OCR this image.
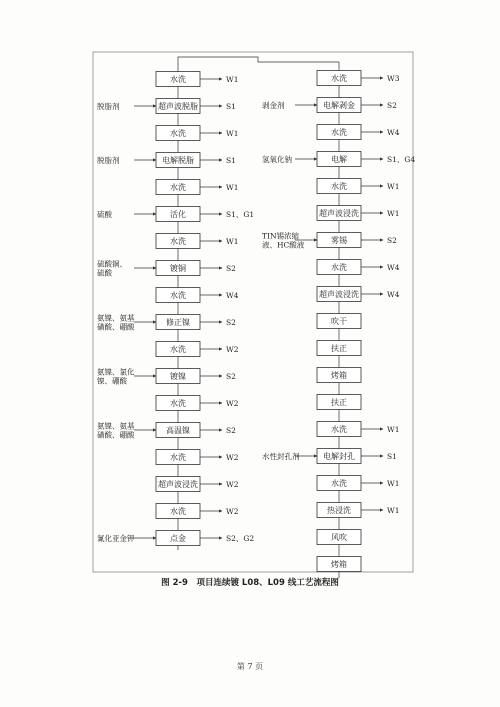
水洗	W1
超声波脱脂	S1
脱脂剂
水洗	W1
电解脱脂	S1
脱脂剂
水洗	W1
活化	S1、G1
硫酸
水洗	W1
镀铜	S2
硫酸铜、硫酸
水洗	W4
修正镍	S2
氨镍、氨基磺酸、硼酸
水洗	W2
镀镍	S2
氨镍、氯化镍、硼酸
水洗	W2
高温镍	S2
氨镍、氨基磺酸、硼酸
水洗	W2
超声波浸洗	W2
水洗	W2
点金	S2、G2
氰化亚金钾
水洗	W3
电解剥金	S2
剥金剂
水洗	W4
电解	S1、G4
氢氧化钠
水洗	W1
超声波浸洗	W1
雾锡	S2
TIN锡浓缩液、HC酸液
水洗	W4
超声波浸洗	W4
吹干
扶正
烤箱
扶正
水洗	W1
电解封孔	S1
水性封孔剂
水洗	W1
热浸洗	W1
风吹
烤箱
图 2-9　项目连续镀 L08、L09 线工艺流程图
第 7 页
